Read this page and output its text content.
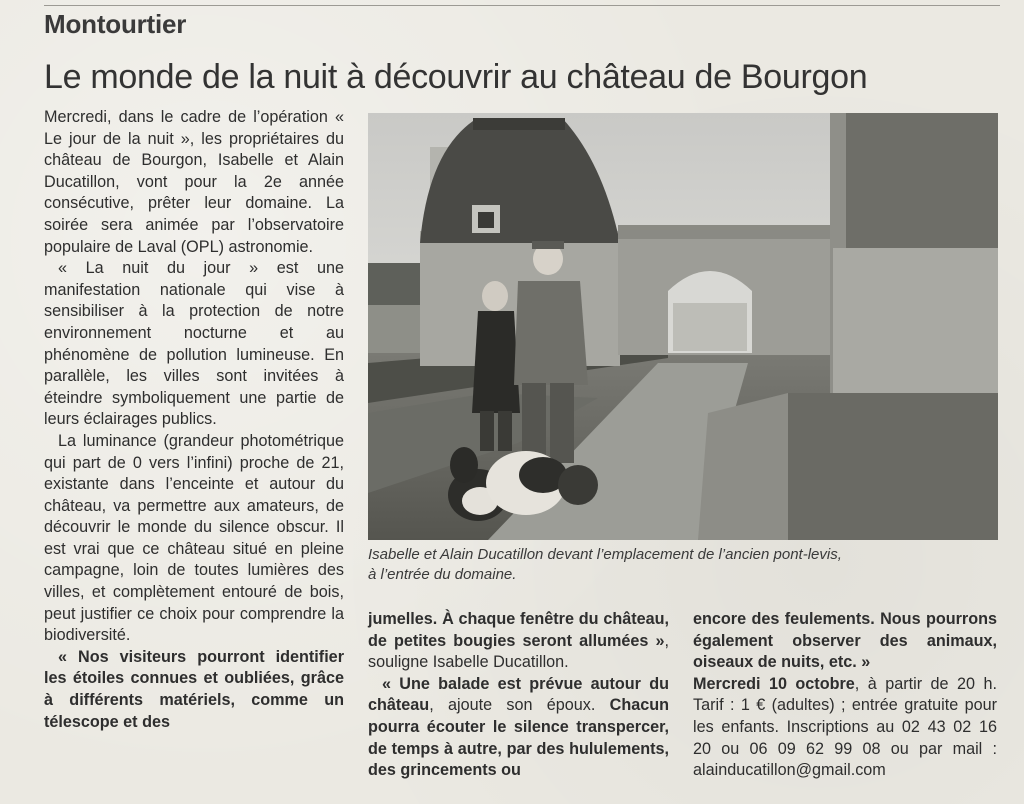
Montourtier
Le monde de la nuit à découvrir au château de Bourgon

Mercredi, dans le cadre de l’opération « Le jour de la nuit », les propriétaires du château de Bourgon, Isabelle et Alain Ducatillon, vont pour la 2e année consécutive, prêter leur domaine. La soirée sera animée par l’observatoire populaire de Laval (OPL) astronomie.

« La nuit du jour » est une manifestation nationale qui vise à sensibiliser à la protection de notre environnement nocturne et au phénomène de pollution lumineuse. En parallèle, les villes sont invitées à éteindre symboliquement une partie de leurs éclairages publics.

La luminance (grandeur photométrique qui part de 0 vers l’infini) proche de 21, existante dans l’enceinte et autour du château, va permettre aux amateurs, de découvrir le monde du silence obscur. Il est vrai que ce château situé en pleine campagne, loin de toutes lumières des villes, et complètement entouré de bois, peut justifier ce choix pour comprendre la biodiversité.

« Nos visiteurs pourront identifier les étoiles connues et oubliées, grâce à différents matériels, comme un télescope et des

Isabelle et Alain Ducatillon devant l’emplacement de l’ancien pont-levis,
à l’entrée du domaine.

jumelles. À chaque fenêtre du château, de petites bougies seront allumées », souligne Isabelle Ducatillon.

« Une balade est prévue autour du château, ajoute son époux. Chacun pourra écouter le silence transpercer, de temps à autre, par des hululements, des grincements ou

encore des feulements. Nous pourrons également observer des animaux, oiseaux de nuits, etc. »

Mercredi 10 octobre, à partir de 20 h. Tarif : 1 € (adultes) ; entrée gratuite pour les enfants. Inscriptions au 02 43 02 16 20 ou 06 09 62 99 08 ou par mail : alainducatillon@gmail.com
